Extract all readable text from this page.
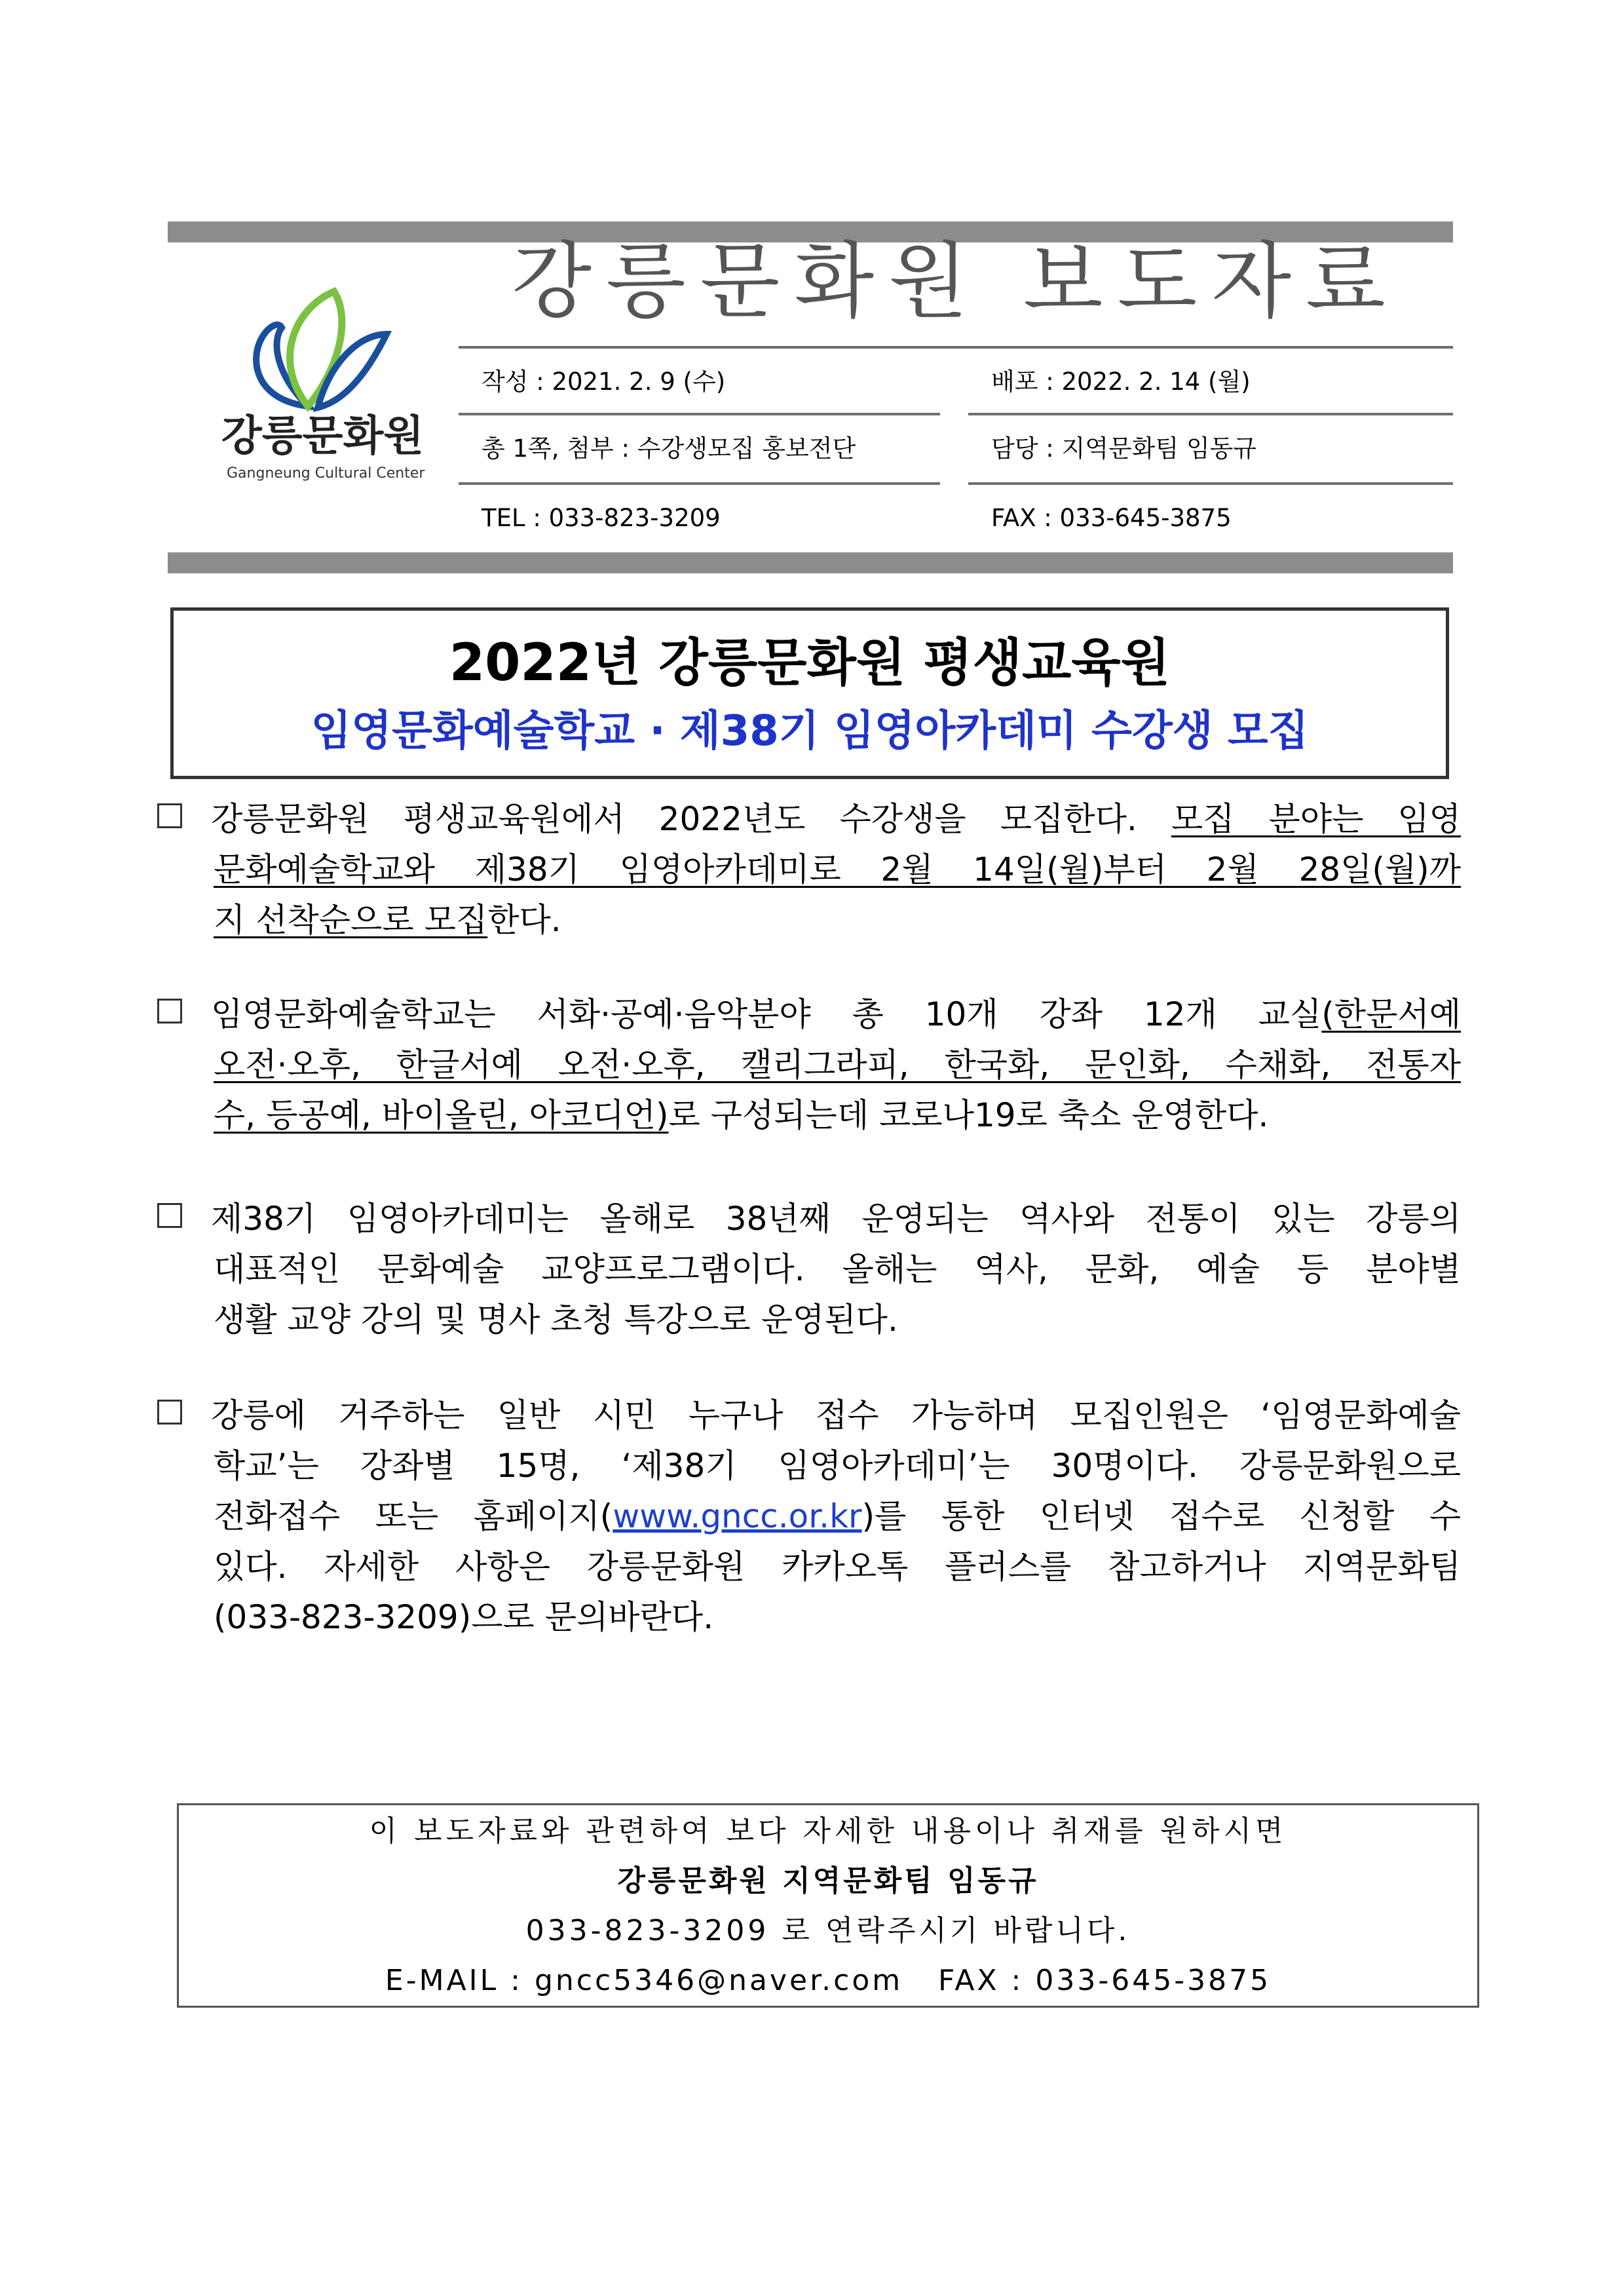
강릉문화원
Gangneung Cultural Center
강릉문화원 보도자료
작성 : 2021. 2. 9 (수)	배포 : 2022. 2. 14 (월)
총 1쪽, 첨부 : 수강생모집 홍보전단	담당 : 지역문화팀 임동규
TEL : 033-823-3209	FAX : 033-645-3875
2022년 강릉문화원 평생교육원
임영문화예술학교 · 제38기 임영아카데미 수강생 모집
강릉문화원 평생교육원에서 2022년도 수강생을 모집한다. 모집 분야는 임영
문화예술학교와 제38기 임영아카데미로 2월 14일(월)부터 2월 28일(월)까
지 선착순으로 모집한다.
임영문화예술학교는 서화·공예·음악분야 총 10개 강좌 12개 교실(한문서예
오전·오후, 한글서예 오전·오후, 캘리그라피, 한국화, 문인화, 수채화, 전통자
수, 등공예, 바이올린, 아코디언)로 구성되는데 코로나19로 축소 운영한다.
제38기 임영아카데미는 올해로 38년째 운영되는 역사와 전통이 있는 강릉의
대표적인 문화예술 교양프로그램이다. 올해는 역사, 문화, 예술 등 분야별
생활 교양 강의 및 명사 초청 특강으로 운영된다.
강릉에 거주하는 일반 시민 누구나 접수 가능하며 모집인원은 ‘임영문화예술
학교’는 강좌별 15명, ‘제38기 임영아카데미’는 30명이다. 강릉문화원으로
전화접수 또는 홈페이지(www.gncc.or.kr)를 통한 인터넷 접수로 신청할 수
있다. 자세한 사항은 강릉문화원 카카오톡 플러스를 참고하거나 지역문화팀
(033-823-3209)으로 문의바란다.
이 보도자료와 관련하여 보다 자세한 내용이나 취재를 원하시면
강릉문화원 지역문화팀 임동규
033-823-3209 로 연락주시기 바랍니다.
E-MAIL : gncc5346@naver.com   FAX : 033-645-3875
